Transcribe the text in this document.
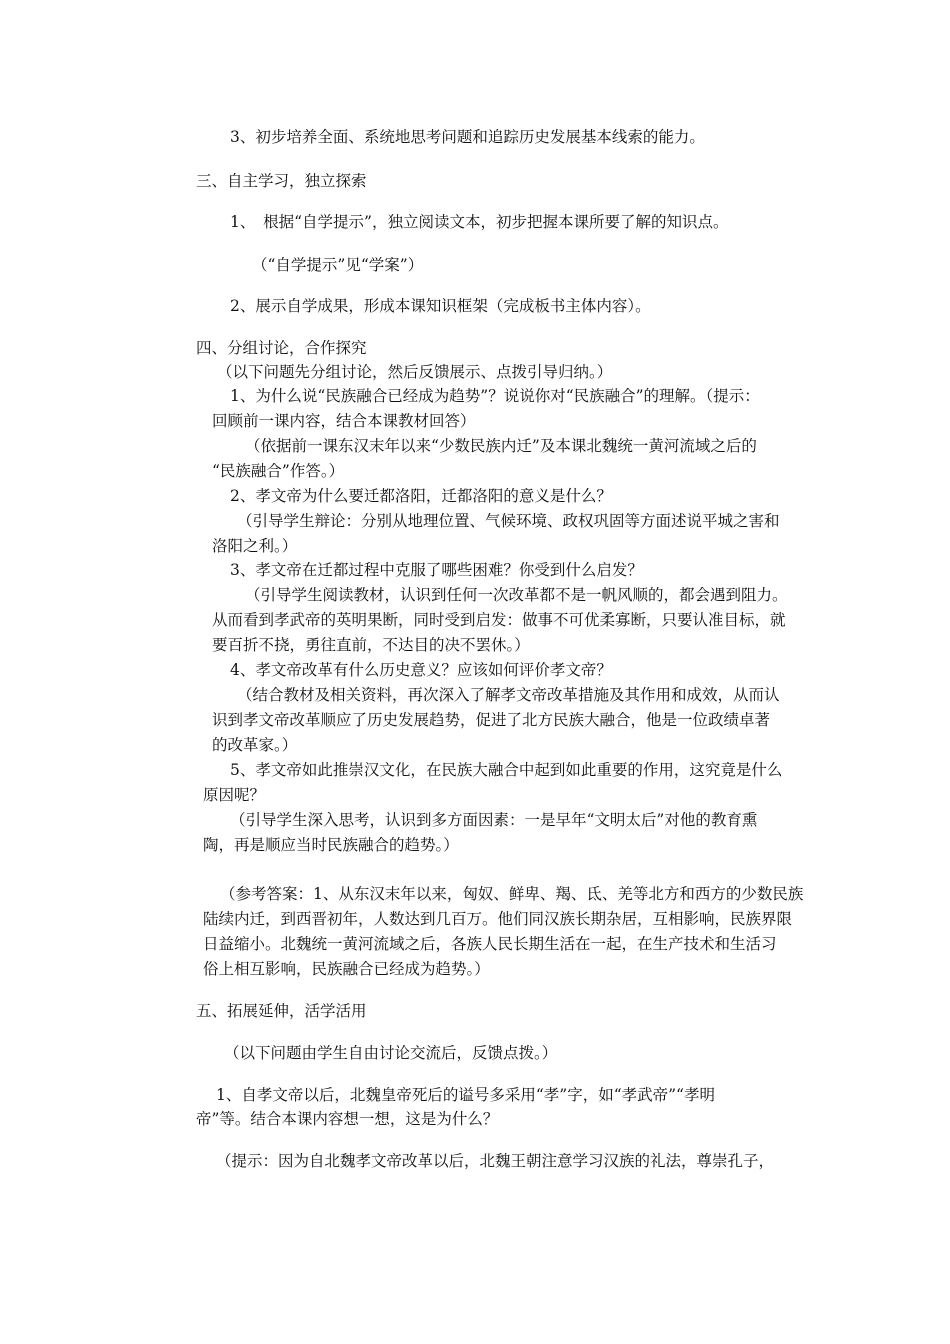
3、初步培养全面、系统地思考问题和追踪历史发展基本线索的能力。
三、自主学习，独立探索
1、　根据“自学提示”，独立阅读文本，初步把握本课所要了解的知识点。
（“自学提示”见“学案”）
2、展示自学成果，形成本课知识框架（完成板书主体内容）。
四、分组讨论，合作探究
（以下问题先分组讨论，然后反馈展示、点拨引导归纳。）
1、为什么说“民族融合已经成为趋势”？说说你对“民族融合”的理解。（提示：
回顾前一课内容，结合本课教材回答）
（依据前一课东汉末年以来“少数民族内迁”及本课北魏统一黄河流域之后的
“民族融合”作答。）
2、孝文帝为什么要迁都洛阳，迁都洛阳的意义是什么？
（引导学生辩论：分别从地理位置、气候环境、政权巩固等方面述说平城之害和
洛阳之利。）
3、孝文帝在迁都过程中克服了哪些困难？你受到什么启发？
（引导学生阅读教材，认识到任何一次改革都不是一帆风顺的，都会遇到阻力。
从而看到孝武帝的英明果断，同时受到启发：做事不可优柔寡断，只要认准目标，就
要百折不挠，勇往直前，不达目的决不罢休。）
4、孝文帝改革有什么历史意义？应该如何评价孝文帝？
（结合教材及相关资料，再次深入了解孝文帝改革措施及其作用和成效，从而认
识到孝文帝改革顺应了历史发展趋势，促进了北方民族大融合，他是一位政绩卓著
的改革家。）
5、孝文帝如此推崇汉文化，在民族大融合中起到如此重要的作用，这究竟是什么
原因呢？
（引导学生深入思考，认识到多方面因素：一是早年“文明太后”对他的教育熏
陶，再是顺应当时民族融合的趋势。）
（参考答案：1、从东汉末年以来，匈奴、鲜卑、羯、氐、羌等北方和西方的少数民族
陆续内迁，到西晋初年，人数达到几百万。他们同汉族长期杂居，互相影响，民族界限
日益缩小。北魏统一黄河流域之后，各族人民长期生活在一起，在生产技术和生活习
俗上相互影响，民族融合已经成为趋势。）
五、拓展延伸，活学活用
（以下问题由学生自由讨论交流后，反馈点拨。）
1、自孝文帝以后，北魏皇帝死后的谥号多采用“孝”字，如“孝武帝”“孝明
帝”等。结合本课内容想一想，这是为什么？
（提示：因为自北魏孝文帝改革以后，北魏王朝注意学习汉族的礼法，尊崇孔子，
